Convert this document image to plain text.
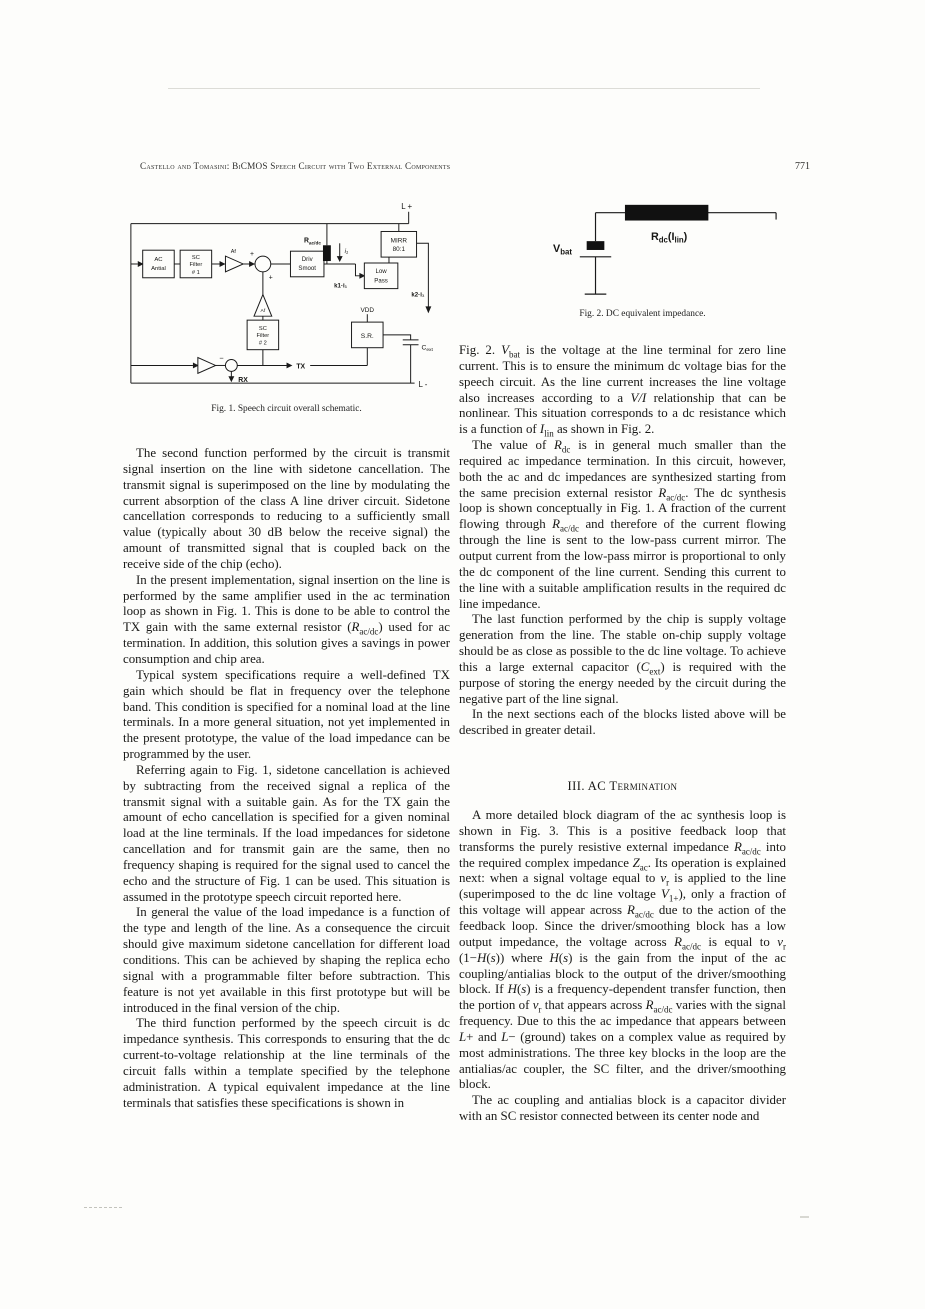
Castello and Tomasini: BiCMOS Speech Circuit with Two External Components	771
L +
$R_{ac/dc}$
i₁
MIRR
80:1
AC
Antial
SC
Filter
# 1
Af +
+
Driv
Smoot	Low
Pass
k1·i₁
k2·i₁
VDD
S.R.
$C_{ext}$
SC
Filter
# 2
Af
−
TX
RX	L -
Fig. 1. Speech circuit overall schematic.

The second function performed by the circuit is transmit signal insertion on the line with sidetone cancellation. The transmit signal is superimposed on the line by modulating the current absorption of the class A line driver circuit. Sidetone cancellation corresponds to reducing to a sufficiently small value (typically about 30 dB below the receive signal) the amount of transmitted signal that is coupled back on the receive side of the chip (echo).

In the present implementation, signal insertion on the line is performed by the same amplifier used in the ac termination loop as shown in Fig. 1. This is done to be able to control the TX gain with the same external resistor $(R_{ac/dc})$ used for ac termination. In addition, this solution gives a savings in power consumption and chip area.

Typical system specifications require a well-defined TX gain which should be flat in frequency over the telephone band. This condition is specified for a nominal load at the line terminals. In a more general situation, not yet implemented in the present prototype, the value of the load impedance can be programmed by the user.

Referring again to Fig. 1, sidetone cancellation is achieved by subtracting from the received signal a replica of the transmit signal with a suitable gain. As for the TX gain the amount of echo cancellation is specified for a given nominal load at the line terminals. If the load impedances for sidetone cancellation and for transmit gain are the same, then no frequency shaping is required for the signal used to cancel the echo and the structure of Fig. 1 can be used. This situation is assumed in the prototype speech circuit reported here.

In general the value of the load impedance is a function of the type and length of the line. As a consequence the circuit should give maximum sidetone cancellation for different load conditions. This can be achieved by shaping the replica echo signal with a programmable filter before subtraction. This feature is not yet available in this first prototype but will be introduced in the final version of the chip.

The third function performed by the speech circuit is dc impedance synthesis. This corresponds to ensuring that the dc current-to-voltage relationship at the line terminals of the circuit falls within a template specified by the telephone administration. A typical equivalent impedance at the line terminals that satisfies these specifications is shown in

$R_{dc}(I_{lin})$
$V_{bat}$
Fig. 2. DC equivalent impedance.

Fig. 2. $V_{bat}$ is the voltage at the line terminal for zero line current. This is to ensure the minimum dc voltage bias for the speech circuit. As the line current increases the line voltage also increases according to a V/I relationship that can be nonlinear. This situation corresponds to a dc resistance which is a function of $I_{lin}$ as shown in Fig. 2.

The value of $R_{dc}$ is in general much smaller than the required ac impedance termination. In this circuit, however, both the ac and dc impedances are synthesized starting from the same precision external resistor $R_{ac/dc}$. The dc synthesis loop is shown conceptually in Fig. 1. A fraction of the current flowing through $R_{ac/dc}$ and therefore of the current flowing through the line is sent to the low-pass current mirror. The output current from the low-pass mirror is proportional to only the dc component of the line current. Sending this current to the line with a suitable amplification results in the required dc line impedance.

The last function performed by the chip is supply voltage generation from the line. The stable on-chip supply voltage should be as close as possible to the dc line voltage. To achieve this a large external capacitor $(C_{ext})$ is required with the purpose of storing the energy needed by the circuit during the negative part of the line signal.

In the next sections each of the blocks listed above will be described in greater detail.

III. AC Termination

A more detailed block diagram of the ac synthesis loop is shown in Fig. 3. This is a positive feedback loop that transforms the purely resistive external impedance $R_{ac/dc}$ into the required complex impedance $Z_{ac}$. Its operation is explained next: when a signal voltage equal to $v_r$ is applied to the line (superimposed to the dc line voltage $V_{1+}$), only a fraction of this voltage will appear across $R_{ac/dc}$ due to the action of the feedback loop. Since the driver/smoothing block has a low output impedance, the voltage across $R_{ac/dc}$ is equal to $v_r$ (1−H(s)) where H(s) is the gain from the input of the ac coupling/antialias block to the output of the driver/smoothing block. If H(s) is a frequency-dependent transfer function, then the portion of $v_r$ that appears across $R_{ac/dc}$ varies with the signal frequency. Due to this the ac impedance that appears between L+ and L− (ground) takes on a complex value as required by most administrations. The three key blocks in the loop are the antialias/ac coupler, the SC filter, and the driver/smoothing block.

The ac coupling and antialias block is a capacitor divider with an SC resistor connected between its center node and
